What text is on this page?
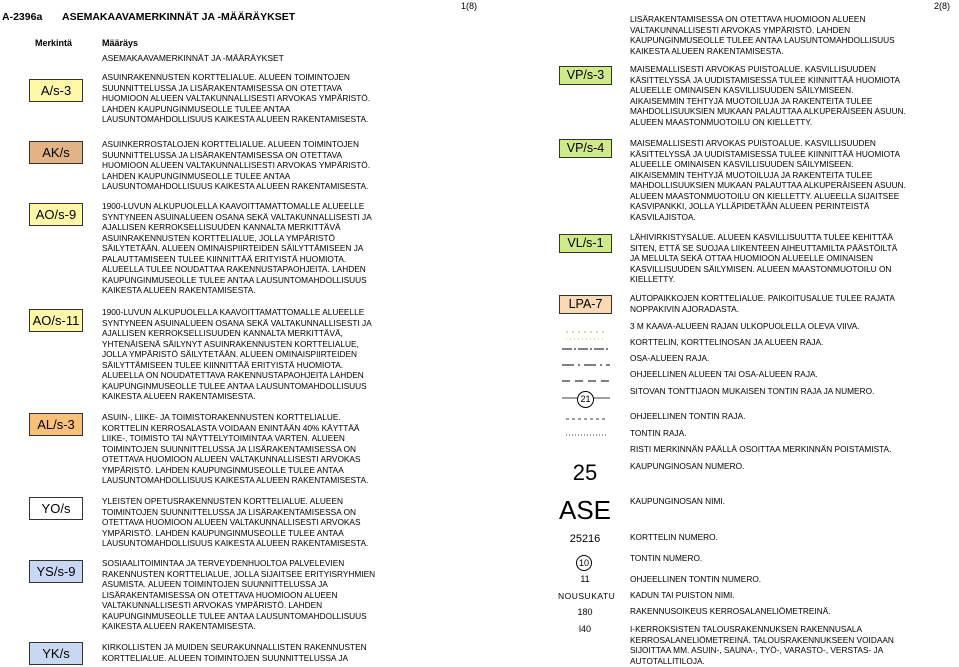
A-2396a ASEMAKAAVAMERKINNÄT JA -MÄÄRÄYKSET
1(8)	2(8)
Merkintä	Määräys
ASEMAKAAVAMERKINNÄT JA -MÄÄRÄYKSET
A/s-3
AK/s
AO/s-9
AO/s-11
AL/s-3
YO/s
YS/s-9
YK/s
ASUINRAKENNUSTEN KORTTELIALUE. ALUEEN TOIMINTOJEN
SUUNNITTELUSSA JA LISÄRAKENTAMISESSA ON OTETTAVA
HUOMIOON ALUEEN VALTAKUNNALLISESTI ARVOKAS YMPÄRISTÖ.
LAHDEN KAUPUNGINMUSEOLLE TULEE ANTAA
LAUSUNTOMAHDOLLISUUS KAIKESTA ALUEEN RAKENTAMISESTA.
ASUINKERROSTALOJEN KORTTELIALUE. ALUEEN TOIMINTOJEN
SUUNNITTELUSSA JA LISÄRAKENTAMISESSA ON OTETTAVA
HUOMIOON ALUEEN VALTAKUNNALLISESTI ARVOKAS YMPÄRISTÖ.
LAHDEN KAUPUNGINMUSEOLLE TULEE ANTAA
LAUSUNTOMAHDOLLISUUS KAIKESTA ALUEEN RAKENTAMISESTA.
1900-LUVUN ALKUPUOLELLA KAAVOITTAMATTOMALLE ALUEELLE
SYNTYNEEN ASUINALUEEN OSANA SEKÄ VALTAKUNNALLISESTI JA
AJALLISEN KERROKSELLISUUDEN KANNALTA MERKITTÄVÄ
ASUINRAKENNUSTEN KORTTELIALUE, JOLLA YMPÄRISTÖ
SÄILYTETÄÄN. ALUEEN OMINAISPIIRTEIDEN SÄILYTTÄMISEEN JA
PALAUTTAMISEEN TULEE KIINNITTÄÄ ERITYISTÄ HUOMIOTA.
ALUEELLA TULEE NOUDATTAA RAKENNUSTAPAOHJEITA. LAHDEN
KAUPUNGINMUSEOLLE TULEE ANTAA LAUSUNTOMAHDOLLISUUS
KAIKESTA ALUEEN RAKENTAMISESTA.
1900-LUVUN ALKUPUOLELLA KAAVOITTAMATTOMALLE ALUEELLE
SYNTYNEEN ASUINALUEEN OSANA SEKÄ VALTAKUNNALLISESTI JA
AJALLISEN KERROKSELLISUUDEN KANNALTA MERKITTÄVÄ,
YHTENÄISENÄ SÄILYNYT ASUINRAKENNUSTEN KORTTELIALUE,
JOLLA YMPÄRISTÖ SÄILYTETÄÄN. ALUEEN OMINAISPIIRTEIDEN
SÄILYTTÄMISEEN TULEE KIINNITTÄÄ ERITYISTÄ HUOMIOTA.
ALUEELLA ON NOUDATETTAVA RAKENNUSTAPAOHJEITA LAHDEN
KAUPUNGINMUSEOLLE TULEE ANTAA LAUSUNTOMAHDOLLISUUS
KAIKESTA ALUEEN RAKENTAMISESTA.
ASUIN-, LIIKE- JA TOIMISTORAKENNUSTEN KORTTELIALUE.
KORTTELIN KERROSALASTA VOIDAAN ENINTÄÄN 40% KÄYTTÄÄ
LIIKE-, TOIMISTO TAI NÄYTTELYTOIMINTAA VARTEN. ALUEEN
TOIMINTOJEN SUUNNITTELUSSA JA LISÄRAKENTAMISESSA ON
OTETTAVA HUOMIOON ALUEEN VALTAKUNNALLISESTI ARVOKAS
YMPÄRISTÖ. LAHDEN KAUPUNGINMUSEOLLE TULEE ANTAA
LAUSUNTOMAHDOLLISUUS KAIKESTA ALUEEN RAKENTAMISESTA.
YLEISTEN OPETUSRAKENNUSTEN KORTTELIALUE. ALUEEN
TOIMINTOJEN SUUNNITTELUSSA JA LISÄRAKENTAMISESSA ON
OTETTAVA HUOMIOON ALUEEN VALTAKUNNALLISESTI ARVOKAS
YMPÄRISTÖ. LAHDEN KAUPUNGINMUSEOLLE TULEE ANTAA
LAUSUNTOMAHDOLLISUUS KAIKESTA ALUEEN RAKENTAMISESTA.
SOSIAALITOIMINTAA JA TERVEYDENHUOLTOA PALVELEVIEN
RAKENNUSTEN KORTTELIALUE, JOLLA SIJAITSEE ERITYISRYHMIEN
ASUMISTA. ALUEEN TOIMINTOJEN SUUNNITTELUSSA JA
LISÄRAKENTAMISESSA ON OTETTAVA HUOMIOON ALUEEN
VALTAKUNNALLISESTI ARVOKAS YMPÄRISTÖ. LAHDEN
KAUPUNGINMUSEOLLE TULEE ANTAA LAUSUNTOMAHDOLLISUUS
KAIKESTA ALUEEN RAKENTAMISESTA.
KIRKOLLISTEN JA MUIDEN SEURAKUNNALLISTEN RAKENNUSTEN
KORTTELIALUE. ALUEEN TOIMINTOJEN SUUNNITTELUSSA JA
LISÄRAKENTAMISESSA ON OTETTAVA HUOMIOON ALUEEN
VALTAKUNNALLISESTI ARVOKAS YMPÄRISTÖ. LAHDEN
KAUPUNGINMUSEOLLE TULEE ANTAA LAUSUNTOMAHDOLLISUUS
KAIKESTA ALUEEN RAKENTAMISESTA.
VP/s-3
VP/s-4
VL/s-1
LPA-7
MAISEMALLISESTI ARVOKAS PUISTOALUE. KASVILLISUUDEN
KÄSITTELYSSÄ JA UUDISTAMISESSA TULEE KIINNITTÄÄ HUOMIOTA
ALUEELLE OMINAISEN KASVILLISUUDEN SÄILYMISEEN.
AIKAISEMMIN TEHTYJÄ MUOTOILUJA JA RAKENTEITA TULEE
MAHDOLLISUUKSIEN MUKAAN PALAUTTAA ALKUPERÄISEEN ASUUN.
ALUEEN MAASTONMUOTOILU ON KIELLETTY.
MAISEMALLISESTI ARVOKAS PUISTOALUE. KASVILLISUUDEN
KÄSITTELYSSÄ JA UUDISTAMISESSA TULEE KIINNITTÄÄ HUOMIOTA
ALUEELLE OMINAISEN KASVILLISUUDEN SÄILYMISEEN.
AIKAISEMMIN TEHTYJÄ MUOTOILUJA JA RAKENTEITA TULEE
MAHDOLLISUUKSIEN MUKAAN PALAUTTAA ALKUPERÄISEEN ASUUN.
ALUEEN MAASTONMUOTOILU ON KIELLETTY. ALUEELLA SIJAITSEE
KASVIPANKKI, JOLLA YLLÄPIDETÄÄN ALUEEN PERINTEISTÄ
KASVILAJISTOA.
LÄHIVIRKISTYSALUE. ALUEEN KASVILLISUUTTA TULEE KEHITTÄÄ
SITEN, ETTÄ SE SUOJAA LIIKENTEEN AIHEUTTAMILTA PÄÄSTÖILTÄ
JA MELULTA SEKÄ OTTAA HUOMIOON ALUEELLE OMINAISEN
KASVILLISUUDEN SÄILYMISEN. ALUEEN MAASTONMUOTOILU ON
KIELLETTY.
AUTOPAIKKOJEN KORTTELIALUE. PAIKOITUSALUE TULEE RAJATA
NOPPAKIVIN AJORADASTA.
21
25
ASE
25216
10
11
NOUSUKATU
180
l40
3 M KAAVA-ALUEEN RAJAN ULKOPUOLELLA OLEVA VIIVA.
KORTTELIN, KORTTELINOSAN JA ALUEEN RAJA.
OSA-ALUEEN RAJA.
OHJEELLINEN ALUEEN TAI OSA-ALUEEN RAJA.
SITOVAN TONTTIJAON MUKAISEN TONTIN RAJA JA NUMERO.
OHJEELLINEN TONTIN RAJA.
TONTIN RAJA.
RISTI MERKINNÄN PÄÄLLÄ OSOITTAA MERKINNÄN POISTAMISTA.
KAUPUNGINOSAN NUMERO.
KAUPUNGINOSAN NIMI.
KORTTELIN NUMERO.
TONTIN NUMERO.
OHJEELLINEN TONTIN NUMERO.
KADUN TAI PUISTON NIMI.
RAKENNUSOIKEUS KERROSALANELIÖMETREINÄ.
I-KERROKSISTEN TALOUSRAKENNUKSEN RAKENNUSALA
KERROSALANELIÖMETREINÄ. TALOUSRAKENNUKSEEN VOIDAAN
SIJOITTAA MM. ASUIN-, SAUNA-, TYÖ-, VARASTO-, VERSTAS- JA
AUTOTALLITILOJA.
